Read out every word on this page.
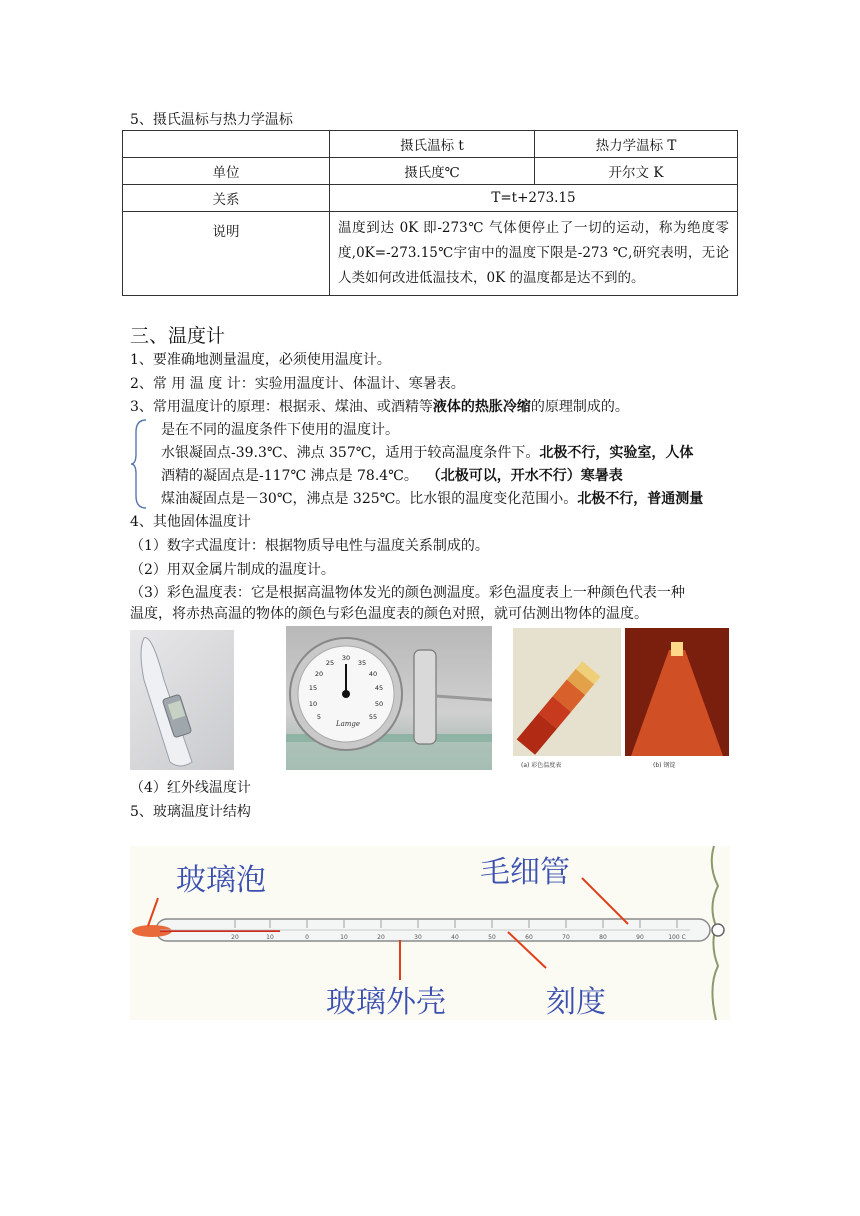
5、摄氏温标与热力学温标
	摄氏温标 t	热力学温标 T
单位	摄氏度℃	开尔文 K
关系	T=t+273.15	
说明	温度到达 0K 即-273℃ 气体便停止了一切的运动，称为绝度零度,0K=-273.15℃宇宙中的温度下限是-273 ℃,研究表明，无论 人类如何改进低温技术，0K 的温度都是达不到的。	
三、温度计
1、要准确地测量温度，必须使用温度计。
2、常 用 温 度 计：实验用温度计、体温计、寒暑表。
3、常用温度计的原理：根据汞、煤油、或酒精等液体的热胀冷缩的原理制成的。
是在不同的温度条件下使用的温度计。
水银凝固点-39.3℃、沸点 357℃，适用于较高温度条件下。北极不行，实验室，人体
酒精的凝固点是-117℃ 沸点是 78.4℃。 （北极可以，开水不行）寒暑表
煤油凝固点是－30℃，沸点是 325℃。比水银的温度变化范围小。北极不行，普通测量
4、其他固体温度计
（1）数字式温度计：根据物质导电性与温度关系制成的。
（2）用双金属片制成的温度计。
（3）彩色温度表：它是根据高温物体发光的颜色测温度。彩色温度表上一种颜色代表一种
温度，将赤热高温的物体的颜色与彩色温度表的颜色对照，就可估测出物体的温度。
5
10
15
20
25
30
35
40
45
50
55
Lamge
(a) 彩色温度表	(b) 钢锭
（4）红外线温度计
5、玻璃温度计结构
20	10	0	10	20	30	40	50	60	70	80	90	100 C
玻璃泡	毛细管
玻璃外壳	刻度
